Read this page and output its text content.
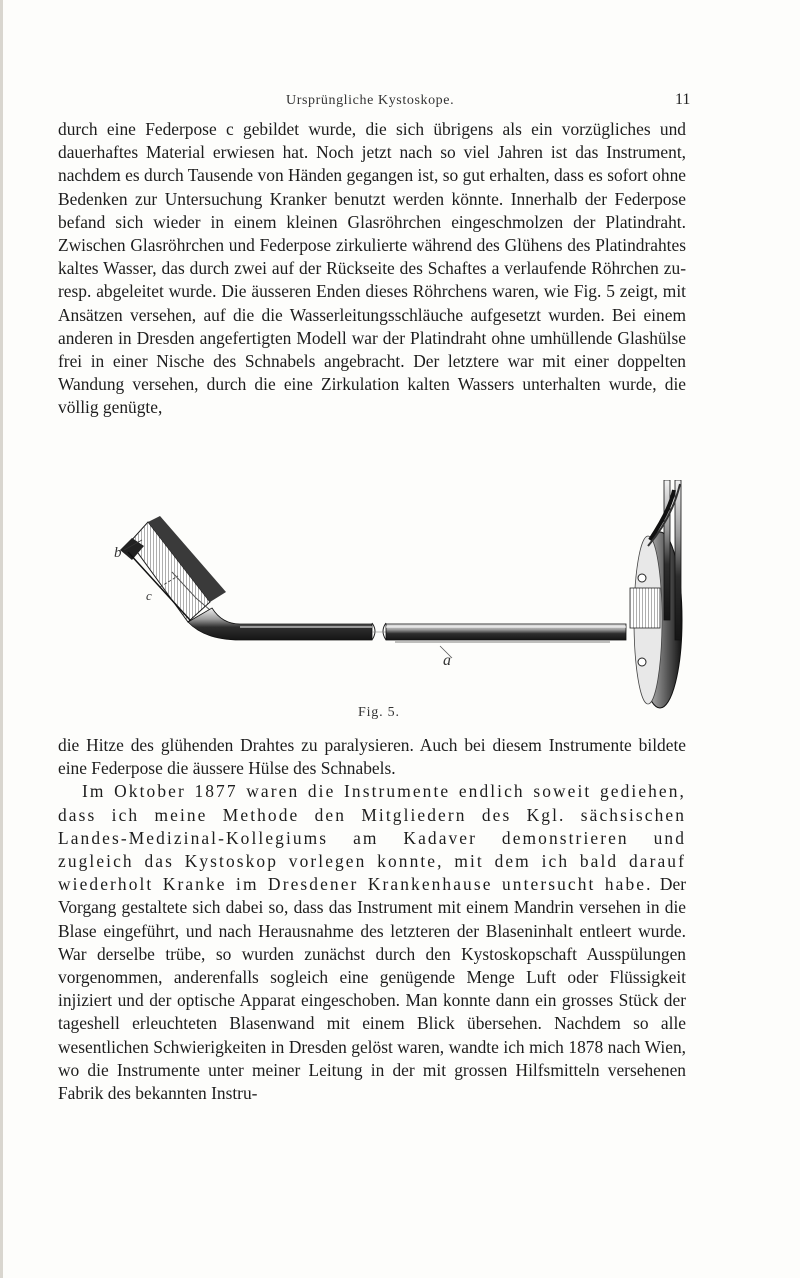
Ursprüngliche Kystoskope.	11
durch eine Federpose c gebildet wurde, die sich übrigens als ein vorzügliches und dauerhaftes Material erwiesen hat. Noch jetzt nach so viel Jahren ist das Instrument, nachdem es durch Tausende von Händen gegangen ist, so gut erhalten, dass es sofort ohne Bedenken zur Untersuchung Kranker benutzt werden könnte. Innerhalb der Federpose befand sich wieder in einem kleinen Glasröhrchen eingeschmolzen der Platindraht. Zwischen Glasröhrchen und Federpose zirkulierte während des Glühens des Platindrahtes kaltes Wasser, das durch zwei auf der Rückseite des Schaftes a verlaufende Röhrchen zu- resp. abgeleitet wurde. Die äusseren Enden dieses Röhrchens waren, wie Fig. 5 zeigt, mit Ansätzen versehen, auf die die Wasserleitungsschläuche aufgesetzt wurden. Bei einem anderen in Dresden angefertigten Modell war der Platindraht ohne umhüllende Glashülse frei in einer Nische des Schnabels angebracht. Der letztere war mit einer doppelten Wandung versehen, durch die eine Zirkulation kalten Wassers unterhalten wurde, die völlig genügte,
b
c
a
Fig. 5.
die Hitze des glühenden Drahtes zu paralysieren. Auch bei diesem Instrumente bildete eine Federpose die äussere Hülse des Schnabels.
Im Oktober 1877 waren die Instrumente endlich soweit gediehen, dass ich meine Methode den Mitgliedern des Kgl. sächsischen Landes-Medizinal-Kollegiums am Kadaver demonstrieren und zugleich das Kystoskop vorlegen konnte, mit dem ich bald darauf wiederholt Kranke im Dresdener Krankenhause untersucht habe. Der Vorgang gestaltete sich dabei so, dass das Instrument mit einem Mandrin versehen in die Blase eingeführt, und nach Herausnahme des letzteren der Blaseninhalt entleert wurde. War derselbe trübe, so wurden zunächst durch den Kystoskopschaft Ausspülungen vorgenommen, anderenfalls sogleich eine genügende Menge Luft oder Flüssigkeit injiziert und der optische Apparat eingeschoben. Man konnte dann ein grosses Stück der tageshell erleuchteten Blasenwand mit einem Blick übersehen. Nachdem so alle wesentlichen Schwierigkeiten in Dresden gelöst waren, wandte ich mich 1878 nach Wien, wo die Instrumente unter meiner Leitung in der mit grossen Hilfsmitteln versehenen Fabrik des bekannten Instru-
